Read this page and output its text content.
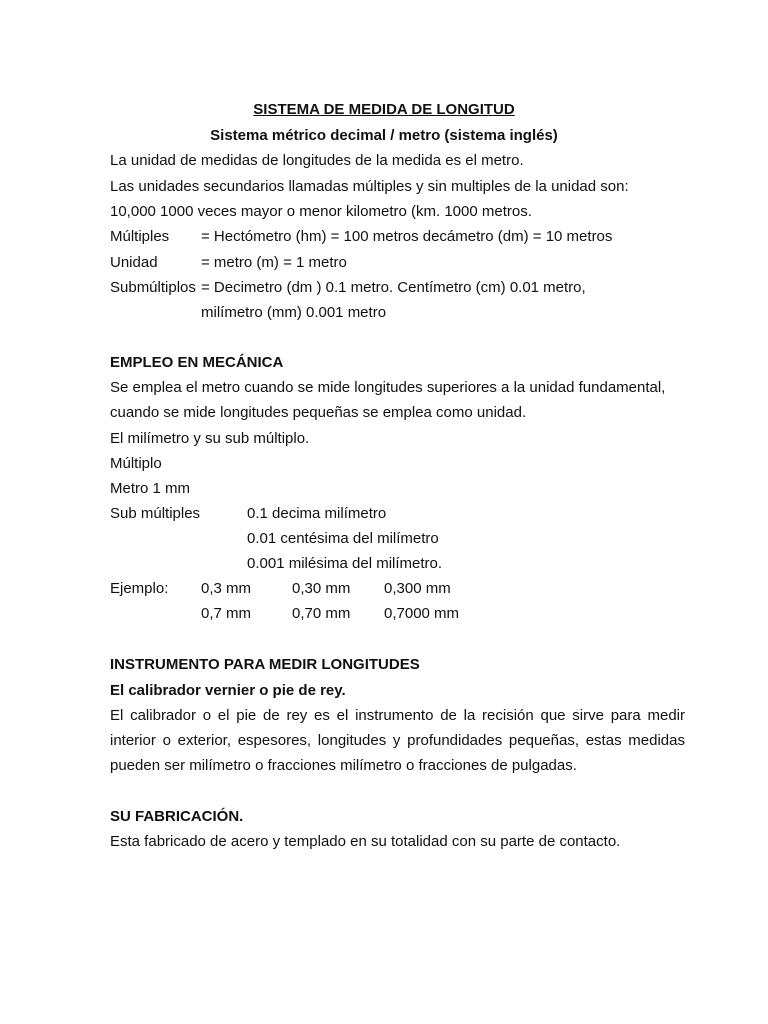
SISTEMA DE MEDIDA DE LONGITUD
Sistema métrico decimal / metro (sistema inglés)
La unidad de medidas de longitudes de la medida es el metro.
Las unidades secundarios llamadas múltiples y sin multiples de la unidad son:
10,000 1000 veces mayor o menor kilometro (km. 1000 metros.
Múltiples = Hectómetro (hm) = 100 metros decámetro (dm) = 10 metros
Unidad	= metro (m) = 1 metro
Submúltiplos = Decimetro (dm ) 0.1 metro. Centímetro (cm) 0.01 metro,
milímetro (mm) 0.001 metro
EMPLEO EN MECÁNICA
Se emplea el metro cuando se mide longitudes superiores a la unidad fundamental,
cuando se mide longitudes pequeñas se emplea como unidad.
El milímetro y su sub múltiplo.
Múltiplo
Metro 1 mm
Sub múltiples	0.1 decima milímetro
0.01 centésima del milímetro
0.001 milésima del milímetro.
Ejemplo: 0,3 mm	0,30 mm 0,300 mm
0,7 mm	0,70 mm 0,7000 mm
INSTRUMENTO PARA MEDIR LONGITUDES
El calibrador vernier o pie de rey.
El calibrador o el pie de rey es el instrumento de la recisión que sirve para medir
interior o exterior, espesores, longitudes y profundidades pequeñas, estas medidas
pueden ser milímetro o fracciones milímetro o fracciones de pulgadas.
SU FABRICACIÓN.
Esta fabricado de acero y templado en su totalidad con su parte de contacto.
